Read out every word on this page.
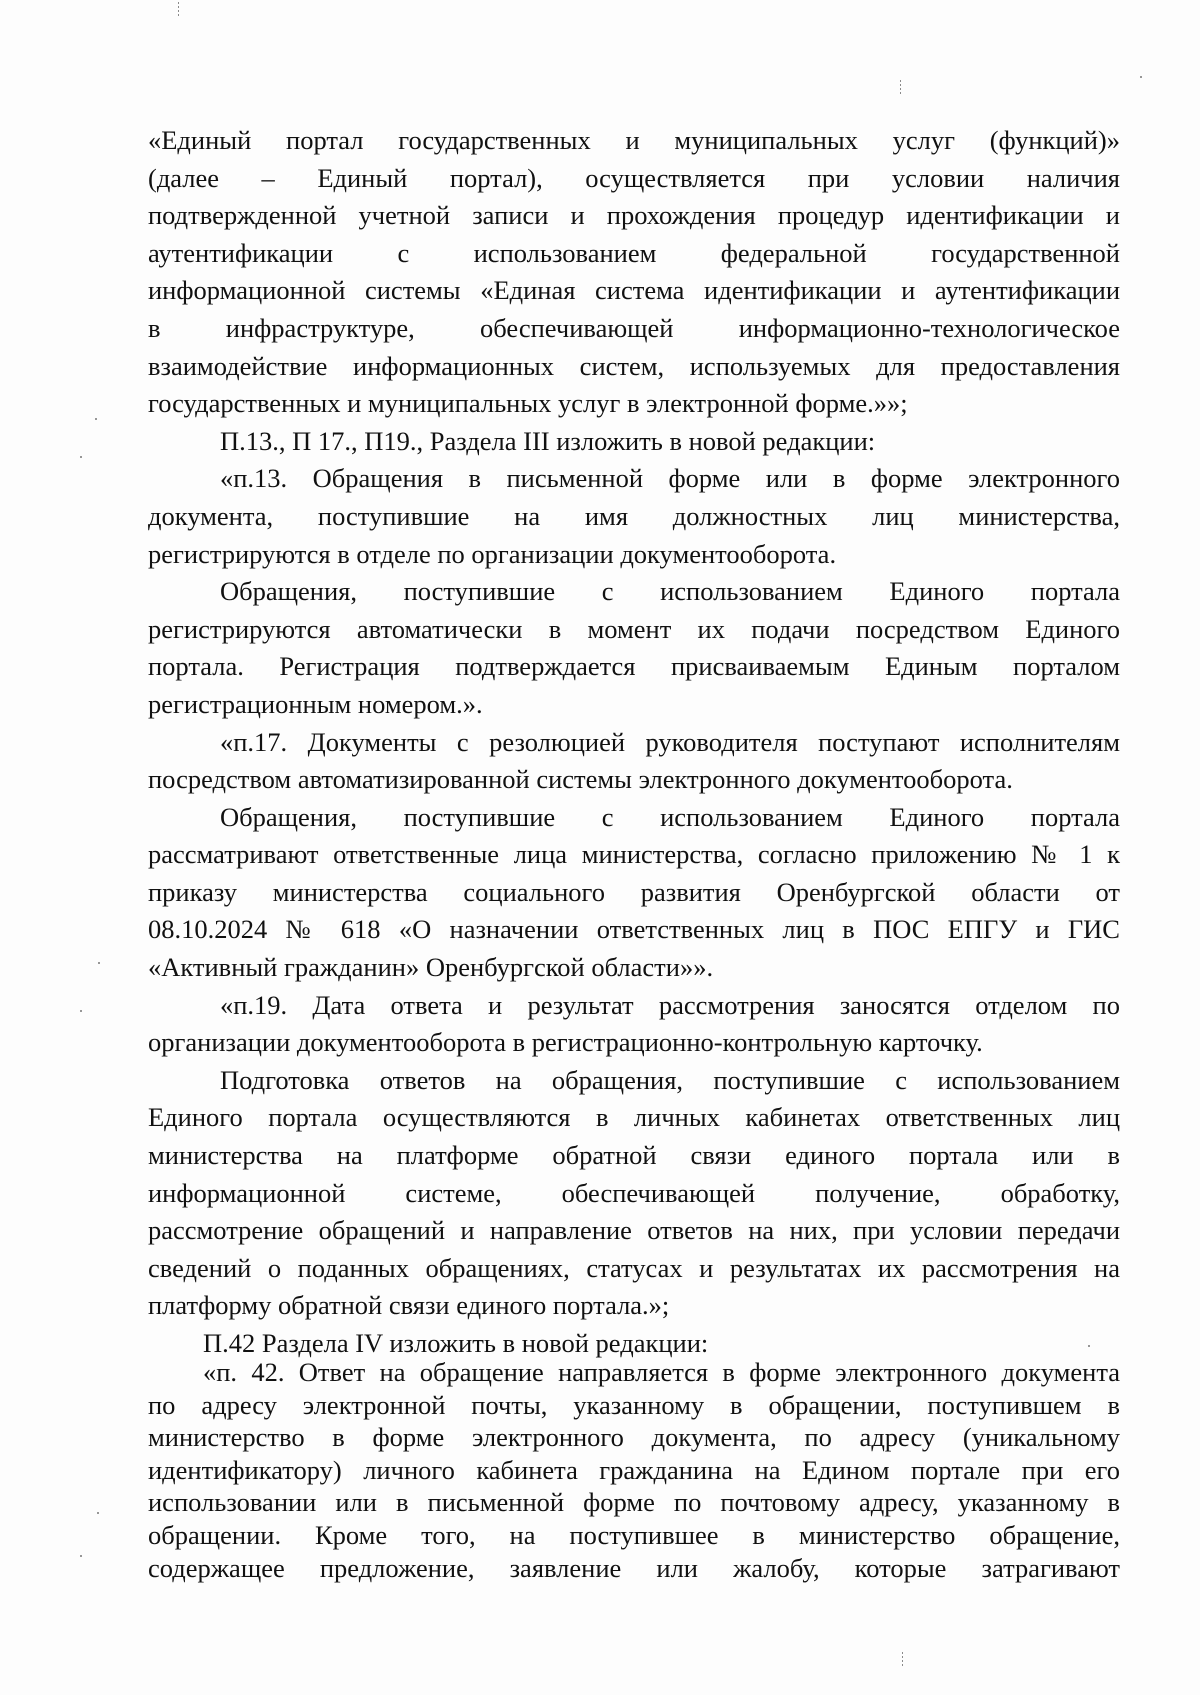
«Единый портал государственных и муниципальных услуг (функций)»
(далее – Единый портал), осуществляется при условии наличия
подтвержденной учетной записи и прохождения процедур идентификации и
аутентификации с использованием федеральной государственной
информационной системы «Единая система идентификации и аутентификации
в инфраструктуре, обеспечивающей информационно-технологическое
взаимодействие информационных систем, используемых для предоставления
государственных и муниципальных услуг в электронной форме.»»;
П.13., П 17., П19., Раздела III изложить в новой редакции:
«п.13. Обращения в письменной форме или в форме электронного
документа, поступившие на имя должностных лиц министерства,
регистрируются в отделе по организации документооборота.
Обращения, поступившие с использованием Единого портала
регистрируются автоматически в момент их подачи посредством Единого
портала. Регистрация подтверждается присваиваемым Единым порталом
регистрационным номером.».
«п.17. Документы с резолюцией руководителя поступают исполнителям
посредством автоматизированной системы электронного документооборота.
Обращения, поступившие с использованием Единого портала
рассматривают ответственные лица министерства, согласно приложению № 1 к
приказу министерства социального развития Оренбургской области от
08.10.2024 № 618 «О назначении ответственных лиц в ПОС ЕПГУ и ГИС
«Активный гражданин» Оренбургской области»».
«п.19. Дата ответа и результат рассмотрения заносятся отделом по
организации документооборота в регистрационно-контрольную карточку.
Подготовка ответов на обращения, поступившие с использованием
Единого портала осуществляются в личных кабинетах ответственных лиц
министерства на платформе обратной связи единого портала или в
информационной системе, обеспечивающей получение, обработку,
рассмотрение обращений и направление ответов на них, при условии передачи
сведений о поданных обращениях, статусах и результатах их рассмотрения на
платформу обратной связи единого портала.»;
П.42 Раздела IV изложить в новой редакции:
«п. 42. Ответ на обращение направляется в форме электронного документа
по адресу электронной почты, указанному в обращении, поступившем в
министерство в форме электронного документа, по адресу (уникальному
идентификатору) личного кабинета гражданина на Едином портале при его
использовании или в письменной форме по почтовому адресу, указанному в
обращении. Кроме того, на поступившее в министерство обращение,
содержащее предложение, заявление или жалобу, которые затрагивают
